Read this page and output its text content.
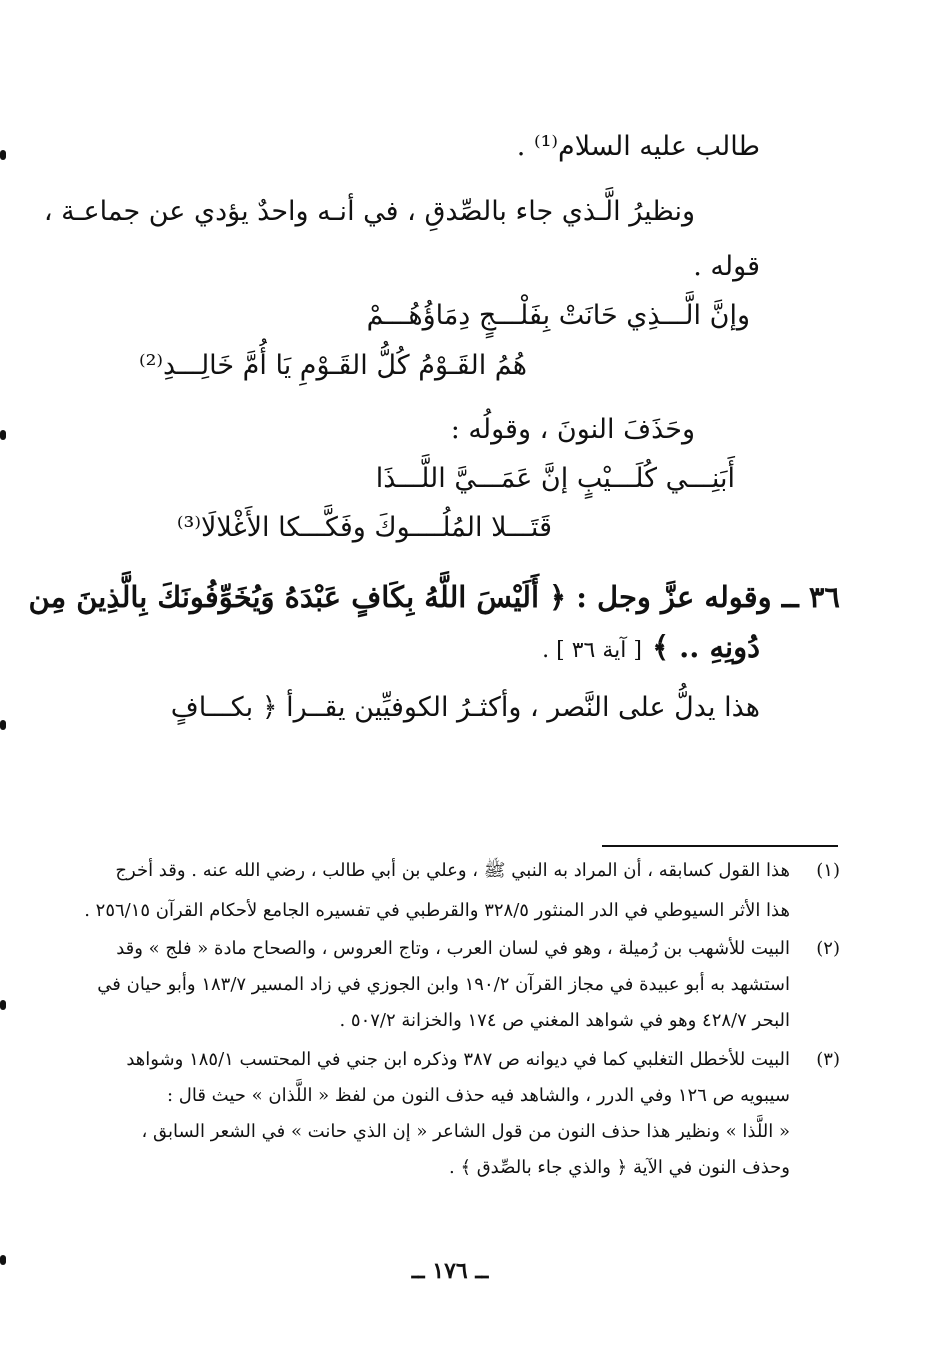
طالب عليه السلام⁽¹⁾ .
ونظيرُ الَّـذي جاء بالصِّدقِ ، في أنـه واحدٌ يؤدي عن جماعـة ،
قوله .
وإنَّ الَّـــذِي حَانَتْ بِفَلْـــجٍ دِمَاؤُهُـــمْ
هُمُ القَـوْمُ كُلُّ القَـوْمِ يَا أُمَّ خَالِـــدِ⁽²⁾
وحَذَفَ النونَ ، وقولُه :
أَبَنِـــي كُلَـــيْبٍ إنَّ عَمَـــيَّ اللَّـــذَا
قَتَـــلا المُلُــــوكَ وفَكَّـــكا الأَغْلالَا⁽³⁾
٣٦ ــ وقوله عزَّ وجل : ﴿ أَلَيْسَ اللَّهُ بِكَافٍ عَبْدَهُ وَيُخَوِّفُونَكَ بِالَّذِينَ مِن
دُونِهِ .. ﴾ [ آية ٣٦ ] .
هذا يدلُّ على النَّصر ، وأكثـرُ الكوفيِّين يقــرأ ﴿ بكـــافٍ
(١)
هذا القول كسابقه ، أن المراد به النبي ﷺ ، وعلي بن أبي طالب ، رضي الله عنه . وقد أخرج
هذا الأثر السيوطي في الدر المنثور ٣٢٨/٥ والقرطبي في تفسيره الجامع لأحكام القرآن ٢٥٦/١٥ .
(٢)
البيت للأشهب بن رُميلة ، وهو في لسان العرب ، وتاج العروس ، والصحاح مادة « فلج » وقد
استشهد به أبو عبيدة في مجاز القرآن ١٩٠/٢ وابن الجوزي في زاد المسير ١٨٣/٧ وأبو حيان في
البحر ٤٢٨/٧ وهو في شواهد المغني ص ١٧٤ والخزانة ٥٠٧/٢ .
(٣)
البيت للأخطل التغلبي كما في ديوانه ص ٣٨٧ وذكره ابن جني في المحتسب ١٨٥/١ وشواهد
سيبويه ص ١٢٦ وفي الدرر ، والشاهد فيه حذف النون من لفظ « اللَّذان » حيث قال :
« اللَّذا » ونظير هذا حذف النون من قول الشاعر « إن الذي حانت » في الشعر السابق ،
وحذف النون في الآية ﴿ والذي جاء بالصِّدق ﴾ .
ــ ١٧٦ ــ
